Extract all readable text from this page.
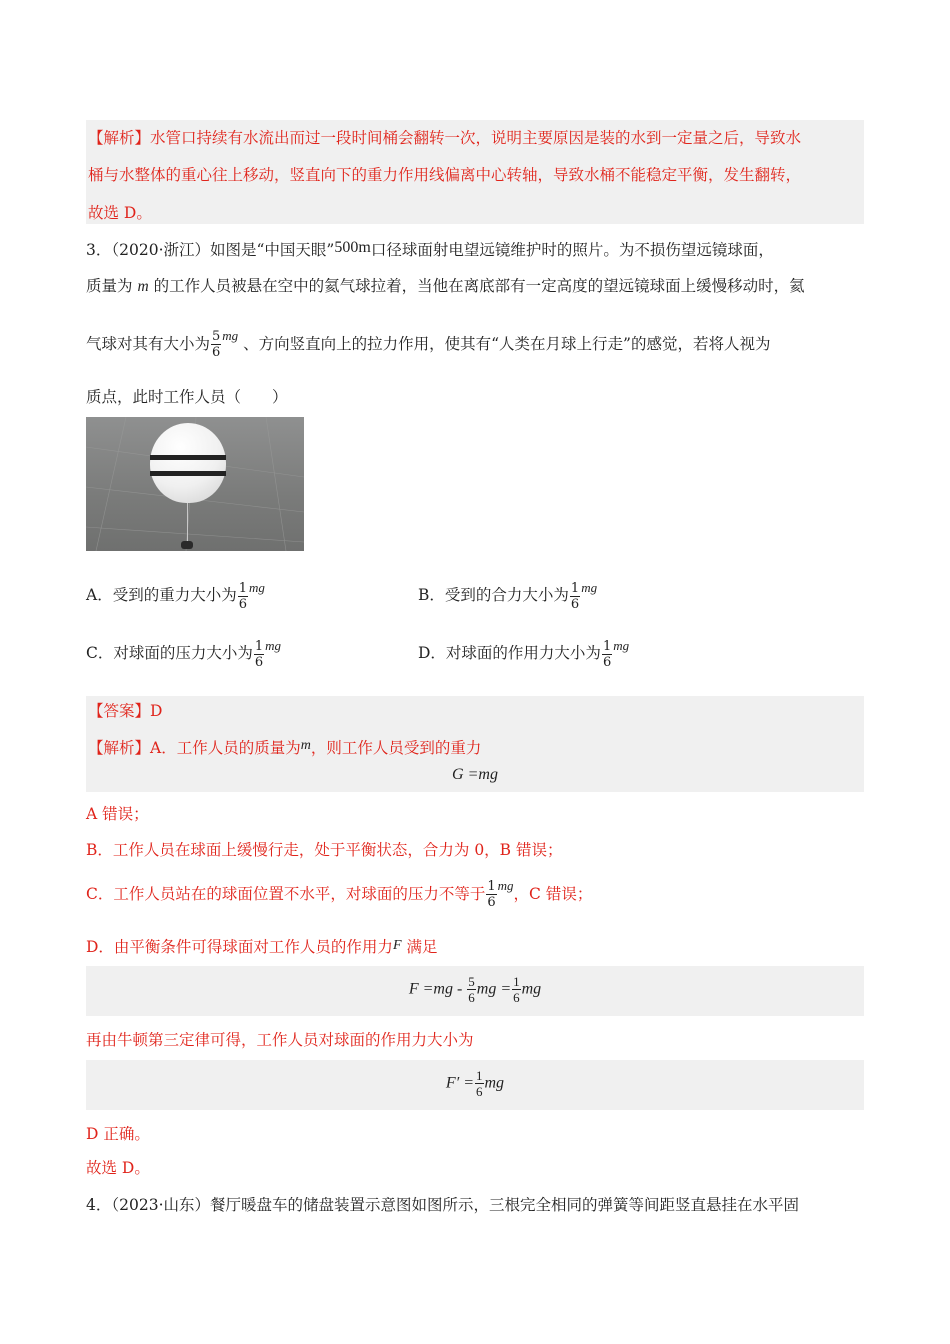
【解析】水管口持续有水流出而过一段时间桶会翻转一次，说明主要原因是装的水到一定量之后，导致水
桶与水整体的重心往上移动，竖直向下的重力作用线偏离中心转轴，导致水桶不能稳定平衡，发生翻转，
故选 D。
3．（2020·浙江）如图是“中国天眼”500m口径球面射电望远镜维护时的照片。为不损伤望远镜球面，
质量为 m 的工作人员被悬在空中的氦气球拉着，当他在离底部有一定高度的望远镜球面上缓慢移动时，氦
气球对其有大小为 $\frac{5}{6} ^{mg}$ 、方向竖直向上的拉力作用，使其有“人类在月球上行走”的感觉，若将人视为
质点，此时工作人员（　　）
A．受到的重力大小为 $\frac{1}{6} ^{mg}$	B．受到的合力大小为 $\frac{1}{6} ^{mg}$
C．对球面的压力大小为 $\frac{1}{6} ^{mg}$	D．对球面的作用力大小为 $\frac{1}{6} ^{mg}$
【答案】D
【解析】A．工作人员的质量为m，则工作人员受到的重力
G =mg
A 错误；
B．工作人员在球面上缓慢行走，处于平衡状态，合力为 0，B 错误；
C．工作人员站在的球面位置不水平，对球面的压力不等于 $\frac{1}{6} ^{mg}$，C 错误；
D．由平衡条件可得球面对工作人员的作用力F 满足
$F =mg - \frac{5}{6}$ mg = $\frac{1}{6}$ mg
再由牛顿第三定律可得，工作人员对球面的作用力大小为
$F' = \frac{1}{6}$ mg
D 正确。
故选 D。
4．（2023·山东）餐厅暖盘车的储盘装置示意图如图所示，三根完全相同的弹簧等间距竖直悬挂在水平固
